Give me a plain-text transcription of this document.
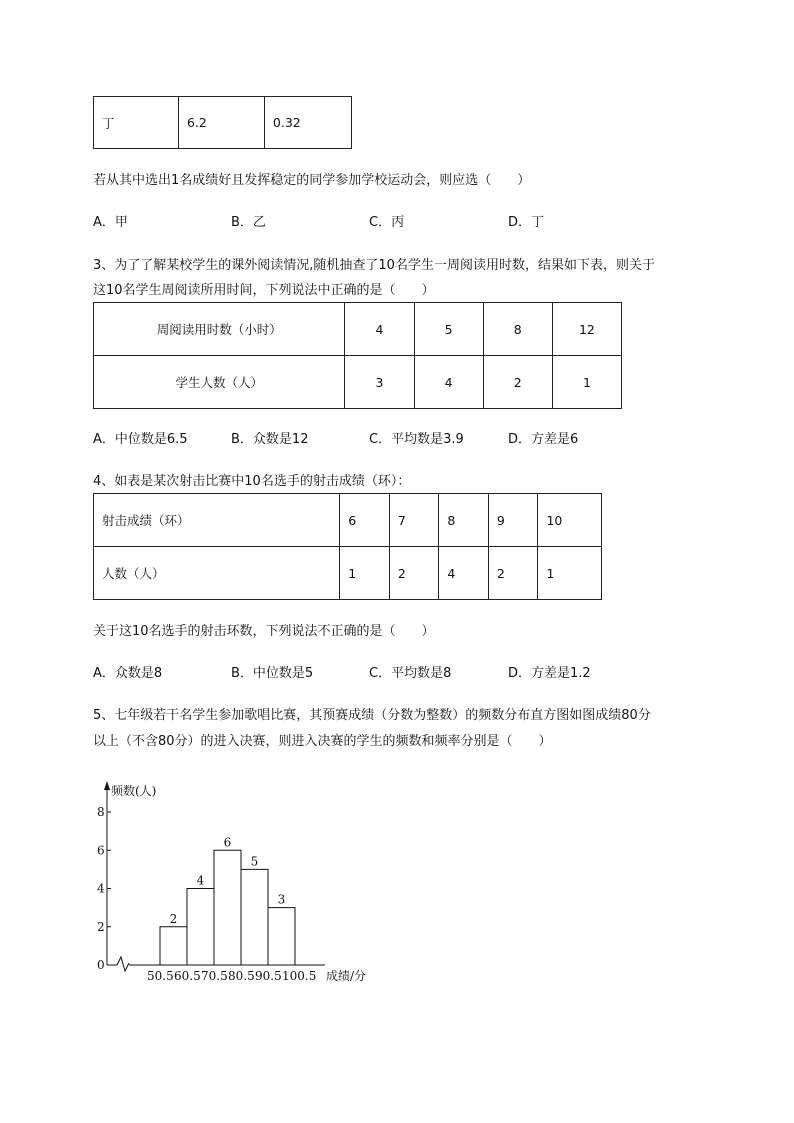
丁	6.2	0.32
若从其中选出1名成绩好且发挥稳定的同学参加学校运动会，则应选（　　）
A．甲	B．乙	C．丙	D．丁
3、为了了解某校学生的课外阅读情况,随机抽查了10名学生一周阅读用时数，结果如下表，则关于
这10名学生周阅读所用时间，下列说法中正确的是（　　）
周阅读用时数（小时）	4	5	8	12
学生人数（人）	3	4	2	1
A．中位数是6.5	B．众数是12	C．平均数是3.9	D．方差是6
4、如表是某次射击比赛中10名选手的射击成绩（环）：
射击成绩（环）	6	7	8	9	10
人数（人）	1	2	4	2	1
关于这10名选手的射击环数，下列说法不正确的是（　　）
A．众数是8	B．中位数是5	C．平均数是8	D．方差是1.2
5、七年级若干名学生参加歌唱比赛，其预赛成绩（分数为整数）的频数分布直方图如图成绩80分
以上（不含80分）的进入决赛，则进入决赛的学生的频数和频率分别是（　　）
频数(人)
成绩/分
0
2
4
6
8
50.5 60.5 70.5 80.5 90.5 100.5
2
4
6
5
3
